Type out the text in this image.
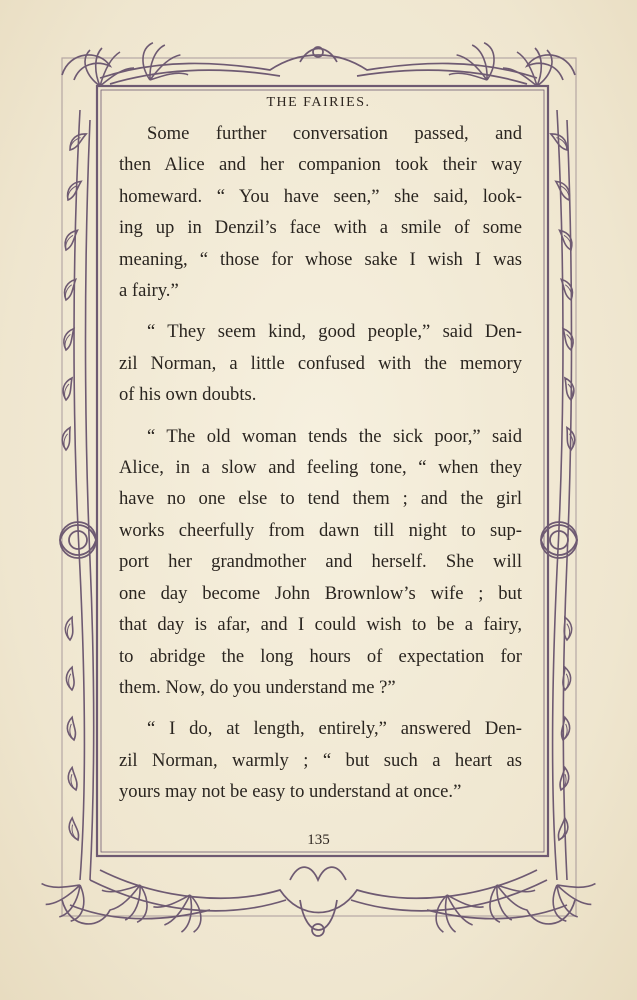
THE FAIRIES.
Some further conversation passed, and
then Alice and her companion took their way
homeward. “ You have seen,” she said, look-
ing up in Denzil’s face with a smile of some
meaning, “ those for whose sake I wish I was
a fairy.”
“ They seem kind, good people,” said Den-
zil Norman, a little confused with the memory
of his own doubts.
“ The old woman tends the sick poor,” said
Alice, in a slow and feeling tone, “ when they
have no one else to tend them ; and the girl
works cheerfully from dawn till night to sup-
port her grandmother and herself. She will
one day become John Brownlow’s wife ; but
that day is afar, and I could wish to be a fairy,
to abridge the long hours of expectation for
them. Now, do you understand me ?”
“ I do, at length, entirely,” answered Den-
zil Norman, warmly ; “ but such a heart as
yours may not be easy to understand at once.”
135
